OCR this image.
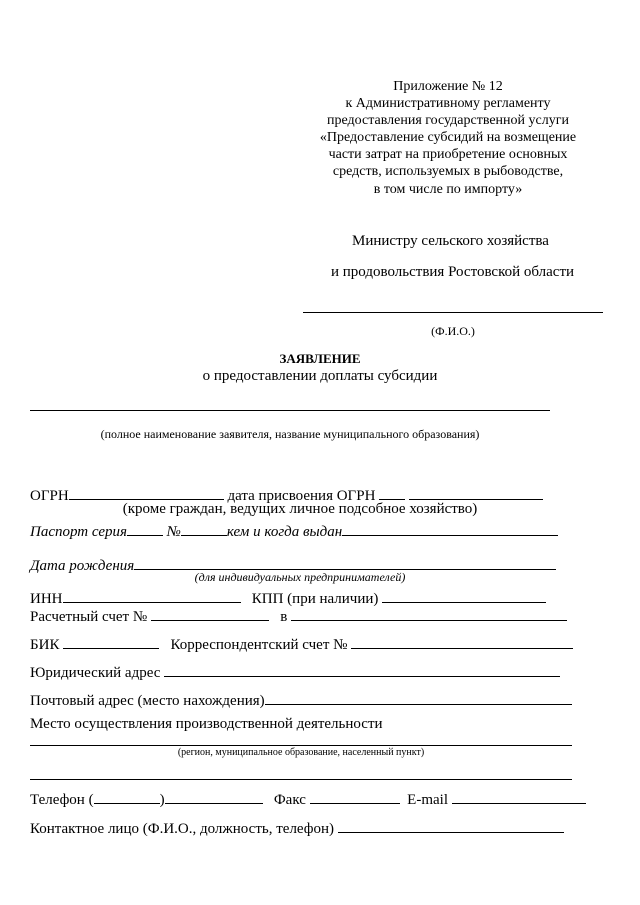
Приложение № 12
к Административному регламенту
предоставления государственной услуги
«Предоставление субсидий на возмещение
части затрат на приобретение основных
средств, используемых в рыбоводстве,
в том числе по импорту»
Министру сельского хозяйства
и продовольствия Ростовской области
(Ф.И.О.)
ЗАЯВЛЕНИЕ
о предоставлении доплаты субсидии
(полное наименование заявителя, название муниципального образования)
ОГРН	дата присвоения ОГРН
(кроме граждан, ведущих личное подсобное хозяйство)
Паспорт серия	№	кем и когда выдан
Дата рождения
(для индивидуальных предпринимателей)
ИНН	КПП (при наличии)
Расчетный счет №	в
БИК	Корреспондентский счет №
Юридический адрес
Почтовый адрес (место нахождения)
Место осуществления производственной деятельности
(регион, муниципальное образование, населенный пункт)
Телефон (	)	Факс	E-mail
Контактное лицо (Ф.И.О., должность, телефон)
